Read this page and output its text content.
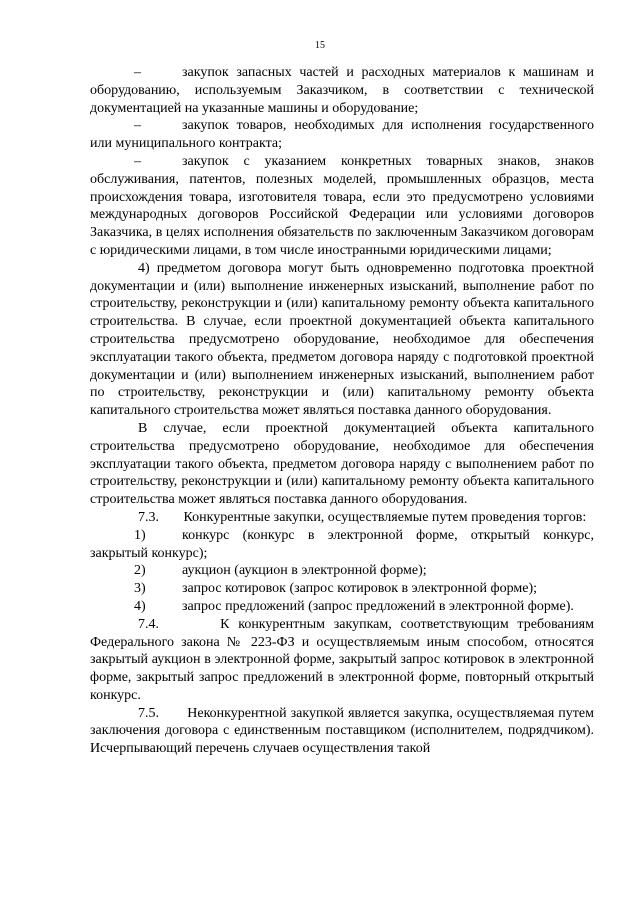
15

–	закупок запасных частей и расходных материалов к машинам и оборудованию, используемым Заказчиком, в соответствии с технической документацией на указанные машины и оборудование;

–	закупок товаров, необходимых для исполнения государственного или муниципального контракта;

–	закупок с указанием конкретных товарных знаков, знаков обслуживания, патентов, полезных моделей, промышленных образцов, места происхождения товара, изготовителя товара, если это предусмотрено условиями международных договоров Российской Федерации или условиями договоров Заказчика, в целях исполнения обязательств по заключенным Заказчиком договорам с юридическими лицами, в том числе иностранными юридическими лицами;

4) предметом договора могут быть одновременно подготовка проектной документации и (или) выполнение инженерных изысканий, выполнение работ по строительству, реконструкции и (или) капитальному ремонту объекта капитального строительства. В случае, если проектной документацией объекта капитального строительства предусмотрено оборудование, необходимое для обеспечения эксплуатации такого объекта, предметом договора наряду с подготовкой проектной документации и (или) выполнением инженерных изысканий, выполнением работ по строительству, реконструкции и (или) капитальному ремонту объекта капитального строительства может являться поставка данного оборудования.

В случае, если проектной документацией объекта капитального строительства предусмотрено оборудование, необходимое для обеспечения эксплуатации такого объекта, предметом договора наряду с выполнением работ по строительству, реконструкции и (или) капитальному ремонту объекта капитального строительства может являться поставка данного оборудования.

7.3.       Конкурентные закупки, осуществляемые путем проведения торгов:

1)	конкурс (конкурс в электронной форме, открытый конкурс, закрытый конкурс);

2)	аукцион (аукцион в электронной форме);

3)	запрос котировок (запрос котировок в электронной форме);

4)	запрос предложений (запрос предложений в электронной форме).

7.4.       К конкурентным закупкам, соответствующим требованиям Федерального закона № 223-ФЗ и осуществляемым иным способом, относятся закрытый аукцион в электронной форме, закрытый запрос котировок в электронной форме, закрытый запрос предложений в электронной форме, повторный открытый конкурс.

7.5.       Неконкурентной закупкой является закупка, осуществляемая путем заключения договора с единственным поставщиком (исполнителем, подрядчиком). Исчерпывающий перечень случаев осуществления такой
